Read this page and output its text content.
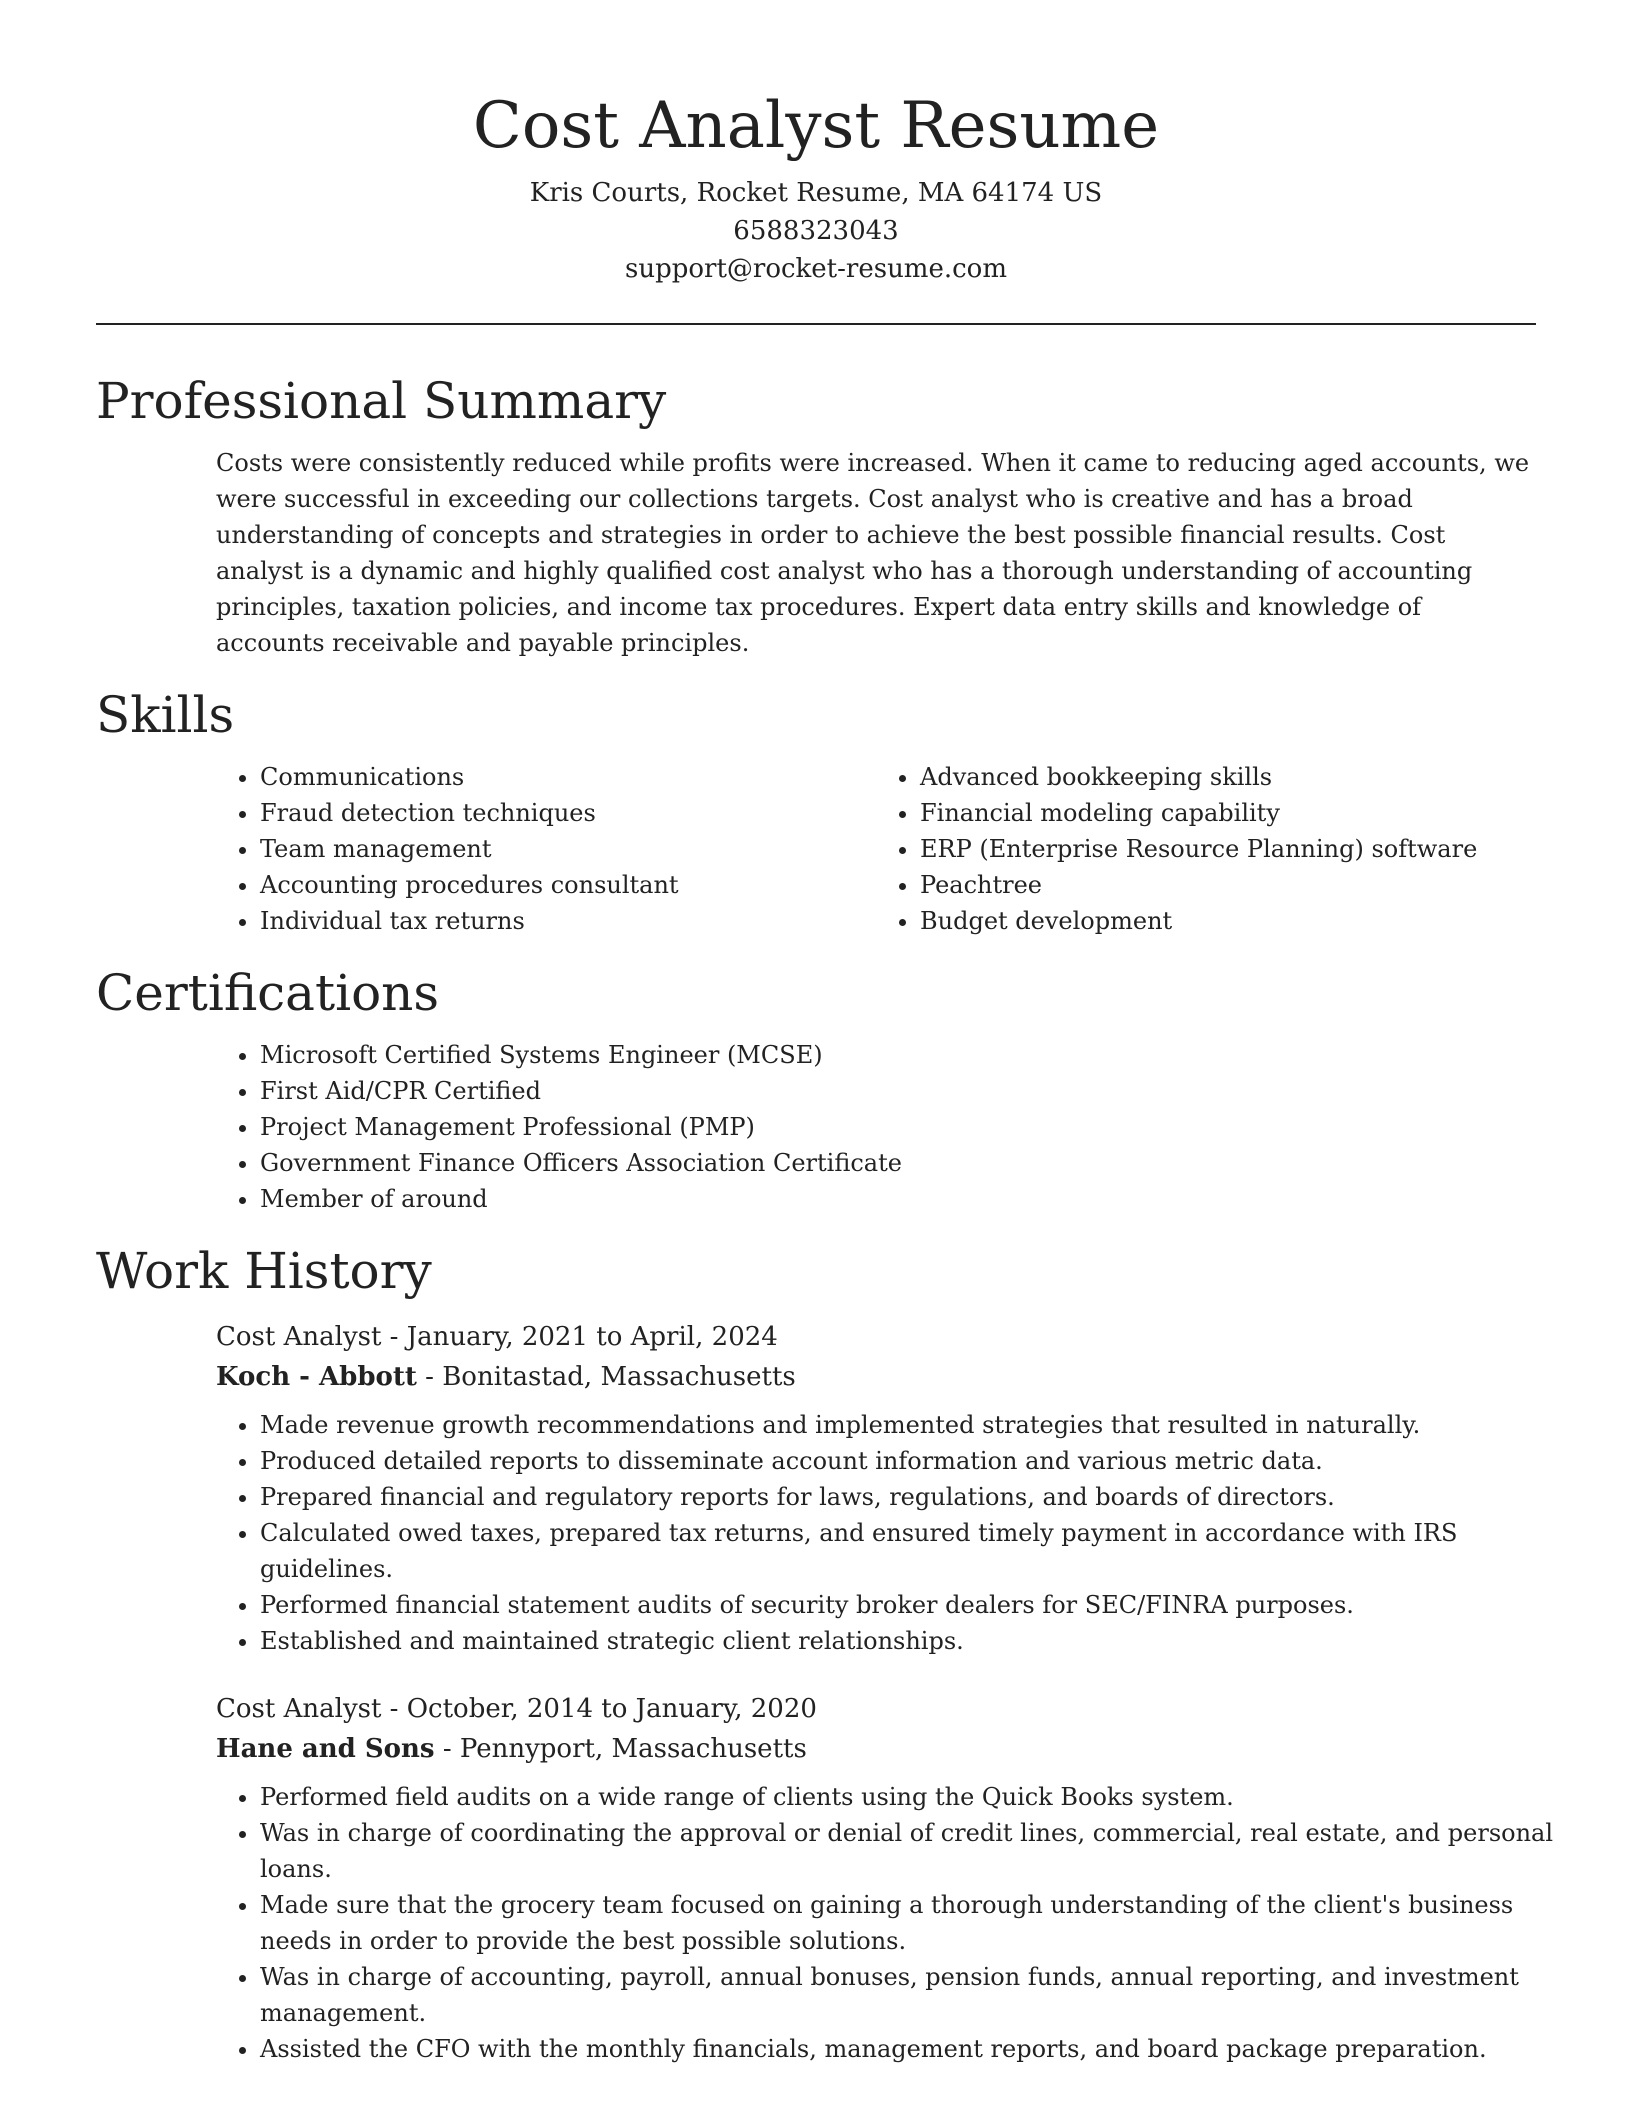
Cost Analyst Resume
Kris Courts, Rocket Resume, MA 64174 US
6588323043
support@rocket-resume.com
Professional Summary

Costs were consistently reduced while profits were increased. When it came to reducing aged accounts, we were successful in exceeding our collections targets. Cost analyst who is creative and has a broad understanding of concepts and strategies in order to achieve the best possible financial results. Cost analyst is a dynamic and highly qualified cost analyst who has a thorough understanding of accounting principles, taxation policies, and income tax procedures. Expert data entry skills and knowledge of accounts receivable and payable principles.

Skills
• Communications
• Fraud detection techniques
• Team management
• Accounting procedures consultant
• Individual tax returns
• Advanced bookkeeping skills
• Financial modeling capability
• ERP (Enterprise Resource Planning) software
• Peachtree
• Budget development
Certifications
• Microsoft Certified Systems Engineer (MCSE)
• First Aid/CPR Certified
• Project Management Professional (PMP)
• Government Finance Officers Association Certificate
• Member of around
Work History
Cost Analyst - January, 2021 to April, 2024
Koch - Abbott - Bonitastad, Massachusetts
• Made revenue growth recommendations and implemented strategies that resulted in naturally.
• Produced detailed reports to disseminate account information and various metric data.
• Prepared financial and regulatory reports for laws, regulations, and boards of directors.
• Calculated owed taxes, prepared tax returns, and ensured timely payment in accordance with IRS guidelines.
• Performed financial statement audits of security broker dealers for SEC/FINRA purposes.
• Established and maintained strategic client relationships.
Cost Analyst - October, 2014 to January, 2020
Hane and Sons - Pennyport, Massachusetts
• Performed field audits on a wide range of clients using the Quick Books system.
• Was in charge of coordinating the approval or denial of credit lines, commercial, real estate, and personal loans.
• Made sure that the grocery team focused on gaining a thorough understanding of the client's business needs in order to provide the best possible solutions.
• Was in charge of accounting, payroll, annual bonuses, pension funds, annual reporting, and investment management.
• Assisted the CFO with the monthly financials, management reports, and board package preparation.
